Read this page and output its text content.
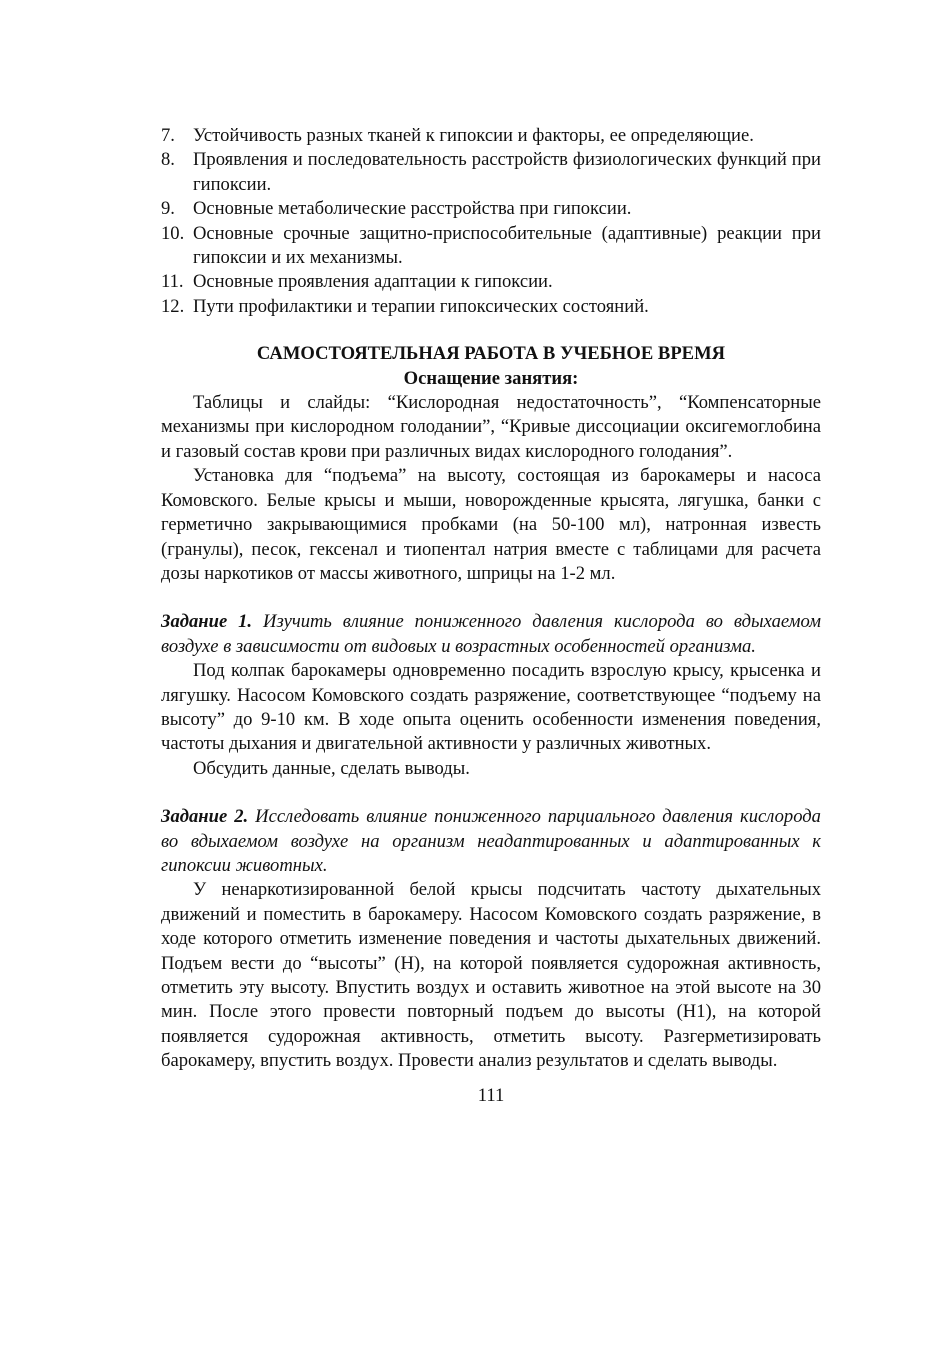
7. Устойчивость разных тканей к гипоксии и факторы, ее определяющие.
8. Проявления и последовательность расстройств физиологических функций при гипоксии.
9. Основные метаболические расстройства при гипоксии.
10. Основные срочные защитно-приспособительные (адаптивные) реакции при гипоксии и их механизмы.
11. Основные проявления адаптации к гипоксии.
12. Пути профилактики и терапии гипоксических состояний.
САМОСТОЯТЕЛЬНАЯ РАБОТА В УЧЕБНОЕ ВРЕМЯ
Оснащение занятия:

Таблицы и слайды: “Кислородная недостаточность”, “Компенсаторные механизмы при кислородном голодании”, “Кривые диссоциации оксигемоглобина и газовый состав крови при различных видах кислородного голодания”.

Установка для “подъема” на высоту, состоящая из барокамеры и насоса Комовского. Белые крысы и мыши, новорожденные крысята, лягушка, банки с герметично закрывающимися пробками (на 50-100 мл), натронная известь (гранулы), песок, гексенал и тиопентал натрия вместе с таблицами для расчета дозы наркотиков от массы животного, шприцы на 1-2 мл.

Задание 1. Изучить влияние пониженного давления кислорода во вдыхаемом воздухе в зависимости от видовых и возрастных особенностей организма.

Под колпак барокамеры одновременно посадить взрослую крысу, крысенка и лягушку. Насосом Комовского создать разряжение, соответствующее “подъему на высоту” до 9-10 км. В ходе опыта оценить особенности изменения поведения, частоты дыхания и двигательной активности у различных животных.

Обсудить данные, сделать выводы.

Задание 2. Исследовать влияние пониженного парциального давления кислорода во вдыхаемом воздухе на организм неадаптированных и адаптированных к гипоксии животных.

У ненаркотизированной белой крысы подсчитать частоту дыхательных движений и поместить в барокамеру. Насосом Комовского создать разряжение, в ходе которого отметить изменение поведения и частоты дыхательных движений. Подъем вести до “высоты” (Н), на которой появляется судорожная активность, отметить эту высоту. Впустить воздух и оставить животное на этой высоте на 30 мин. После этого провести повторный подъем до высоты (Н1), на которой появляется судорожная активность, отметить высоту. Разгерметизировать барокамеру, впустить воздух. Провести анализ результатов и сделать выводы.

111
